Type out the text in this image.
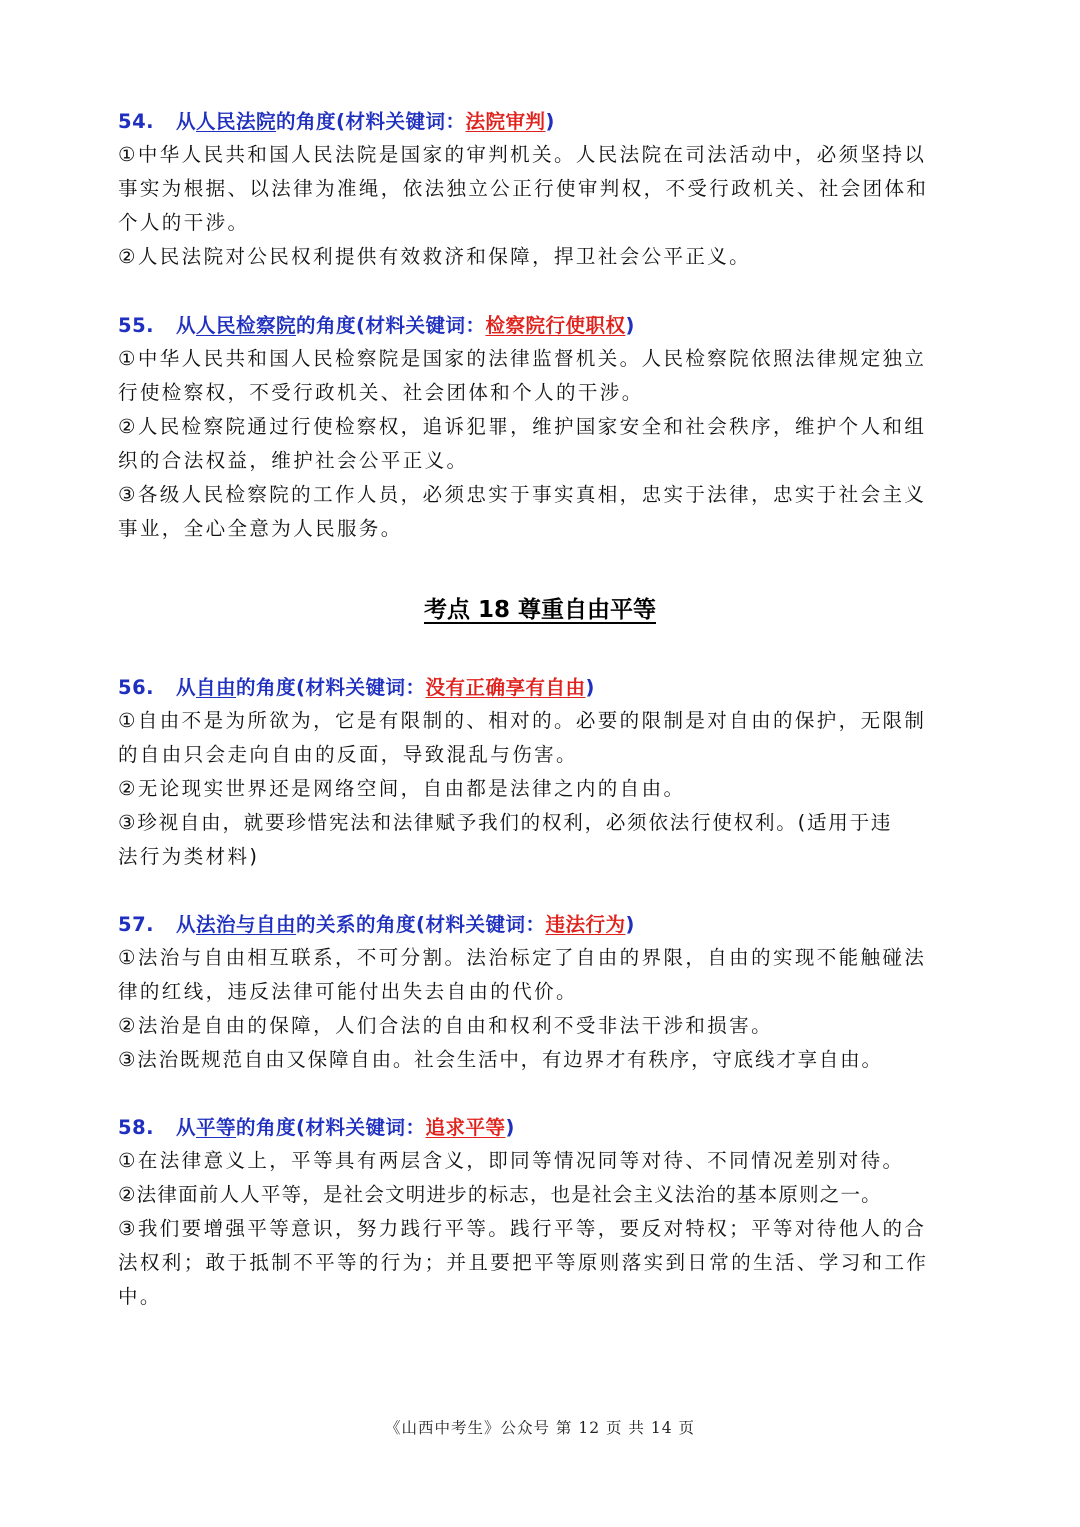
54. 从人民法院的角度(材料关键词：法院审判)
①中华人民共和国人民法院是国家的审判机关。人民法院在司法活动中，必须坚持以
事实为根据、以法律为准绳，依法独立公正行使审判权，不受行政机关、社会团体和
个人的干涉。
②人民法院对公民权利提供有效救济和保障，捍卫社会公平正义。
55. 从人民检察院的角度(材料关键词：检察院行使职权)
①中华人民共和国人民检察院是国家的法律监督机关。人民检察院依照法律规定独立
行使检察权，不受行政机关、社会团体和个人的干涉。
②人民检察院通过行使检察权，追诉犯罪，维护国家安全和社会秩序，维护个人和组
织的合法权益，维护社会公平正义。
③各级人民检察院的工作人员，必须忠实于事实真相，忠实于法律，忠实于社会主义
事业，全心全意为人民服务。
考点 18 尊重自由平等
56. 从自由的角度(材料关键词：没有正确享有自由)
①自由不是为所欲为，它是有限制的、相对的。必要的限制是对自由的保护，无限制
的自由只会走向自由的反面，导致混乱与伤害。
②无论现实世界还是网络空间，自由都是法律之内的自由。
③珍视自由，就要珍惜宪法和法律赋予我们的权利，必须依法行使权利。(适用于违
法行为类材料)
57. 从法治与自由的关系的角度(材料关键词：违法行为)
①法治与自由相互联系，不可分割。法治标定了自由的界限，自由的实现不能触碰法
律的红线，违反法律可能付出失去自由的代价。
②法治是自由的保障，人们合法的自由和权利不受非法干涉和损害。
③法治既规范自由又保障自由。社会生活中，有边界才有秩序，守底线才享自由。
58. 从平等的角度(材料关键词：追求平等)
①在法律意义上，平等具有两层含义，即同等情况同等对待、不同情况差别对待。
②法律面前人人平等，是社会文明进步的标志，也是社会主义法治的基本原则之一。
③我们要增强平等意识，努力践行平等。践行平等，要反对特权；平等对待他人的合
法权利；敢于抵制不平等的行为；并且要把平等原则落实到日常的生活、学习和工作
中。
《山西中考生》公众号 第 12 页 共 14 页
